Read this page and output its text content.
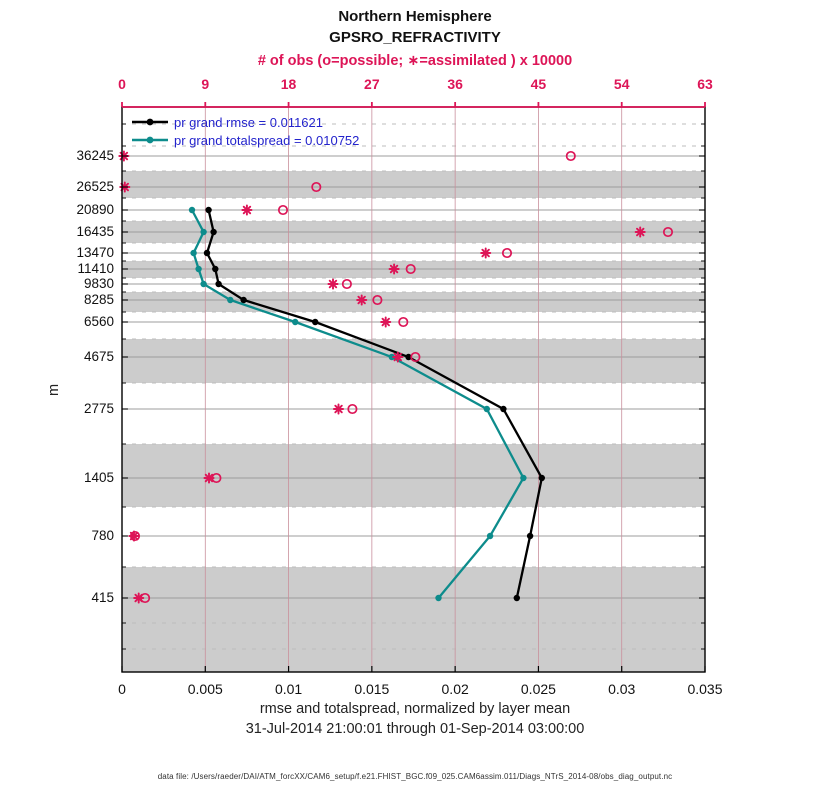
Northern Hemisphere
GPSRO_REFRACTIVITY
# of obs (o=possible; ∗=assimilated ) x 10000
0	9	18	27	36	45	54	63
0	0.005	0.01	0.015	0.02	0.025	0.03	0.035
36245
26525
20890
16435
13470
11410
9830
8285
6560
4675
2775
1405
780
415
m
pr grand rmse = 0.011621
pr grand totalspread = 0.010752
rmse and totalspread, normalized by layer mean
31-Jul-2014 21:00:01 through 01-Sep-2014 03:00:00
data file: /Users/raeder/DAI/ATM_forcXX/CAM6_setup/f.e21.FHIST_BGC.f09_025.CAM6assim.011/Diags_NTrS_2014-08/obs_diag_output.nc
